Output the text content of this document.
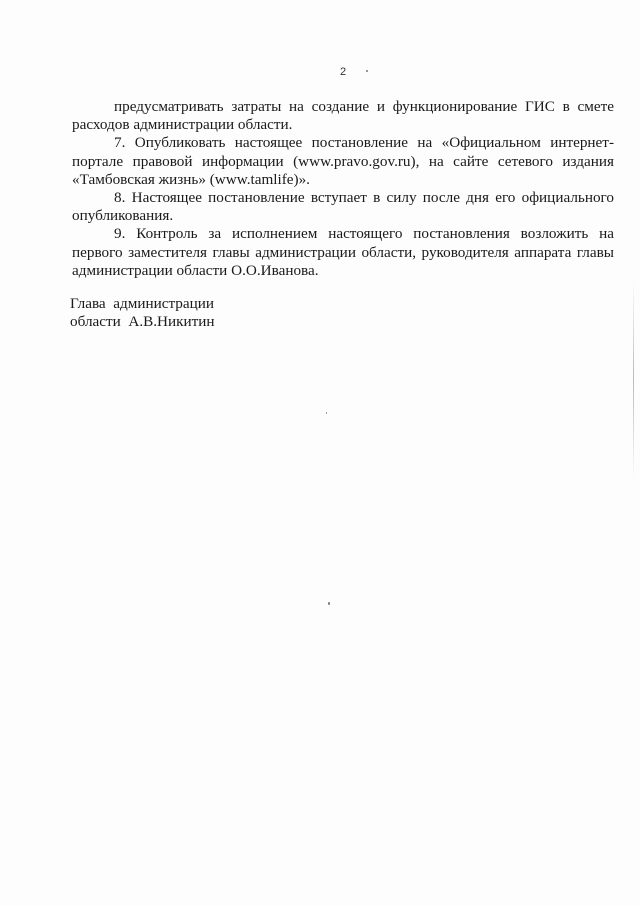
2

предусматривать затраты на создание и функционирование ГИС в смете расходов администрации области.

7. Опубликовать настоящее постановление на «Официальном интернет-портале правовой информации (www.pravo.gov.ru), на сайте сетевого издания «Тамбовская жизнь» (www.tamlife)».

8. Настоящее постановление вступает в силу после дня его официального опубликования.

9. Контроль за исполнением настоящего постановления возложить на первого заместителя главы администрации области, руководителя аппарата главы администрации области О.О.Иванова.

Глава  администрации
области  А.В.Никитин
